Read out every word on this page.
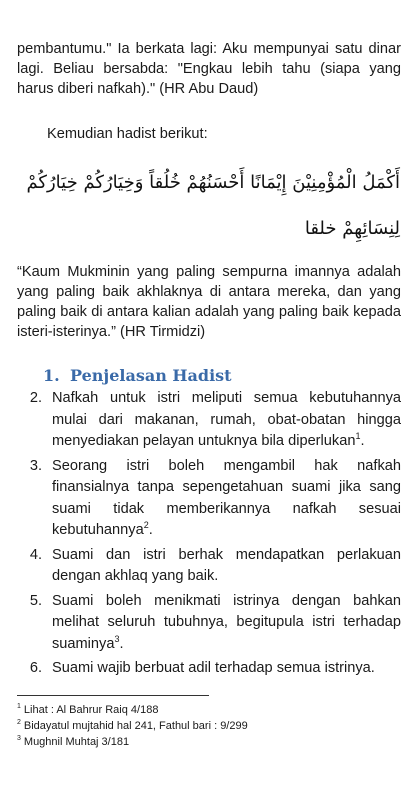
pembantumu." Ia berkata lagi: Aku mempunyai satu dinar lagi. Beliau bersabda: "Engkau lebih tahu (siapa yang harus diberi nafkah)." (HR Abu Daud)

Kemudian hadist berikut:

أَكْمَلُ الْمُؤْمِنِيْنَ إِيْمَانًا أَحْسَنُهُمْ خُلُقاً وَخِيَارُكُمْ خِيَارُكُمْ لِنِسَائِهِمْ خلقا

“Kaum Mukminin yang paling sempurna imannya adalah yang paling baik akhlaknya di antara mereka, dan yang paling baik di antara kalian adalah yang paling baik kepada isteri-isterinya.” (HR Tirmidzi)

1. Penjelasan Hadist
2. Nafkah untuk istri meliputi semua kebutuhannya mulai dari makanan, rumah, obat-obatan hingga menyediakan pelayan untuknya bila diperlukan$^1$.
3. Seorang istri boleh mengambil hak nafkah finansialnya tanpa sepengetahuan suami jika sang suami tidak memberikannya nafkah sesuai kebutuhannya$^2$.
4. Suami dan istri berhak mendapatkan perlakuan dengan akhlaq yang baik.
5. Suami boleh menikmati istrinya dengan bahkan melihat seluruh tubuhnya, begitupula istri terhadap suaminya$^3$.
6. Suami wajib berbuat adil terhadap semua istrinya.
$^1$ Lihat : Al Bahrur Raiq 4/188
$^2$ Bidayatul mujtahid hal 241, Fathul bari : 9/299
$^3$ Mughnil Muhtaj 3/181
